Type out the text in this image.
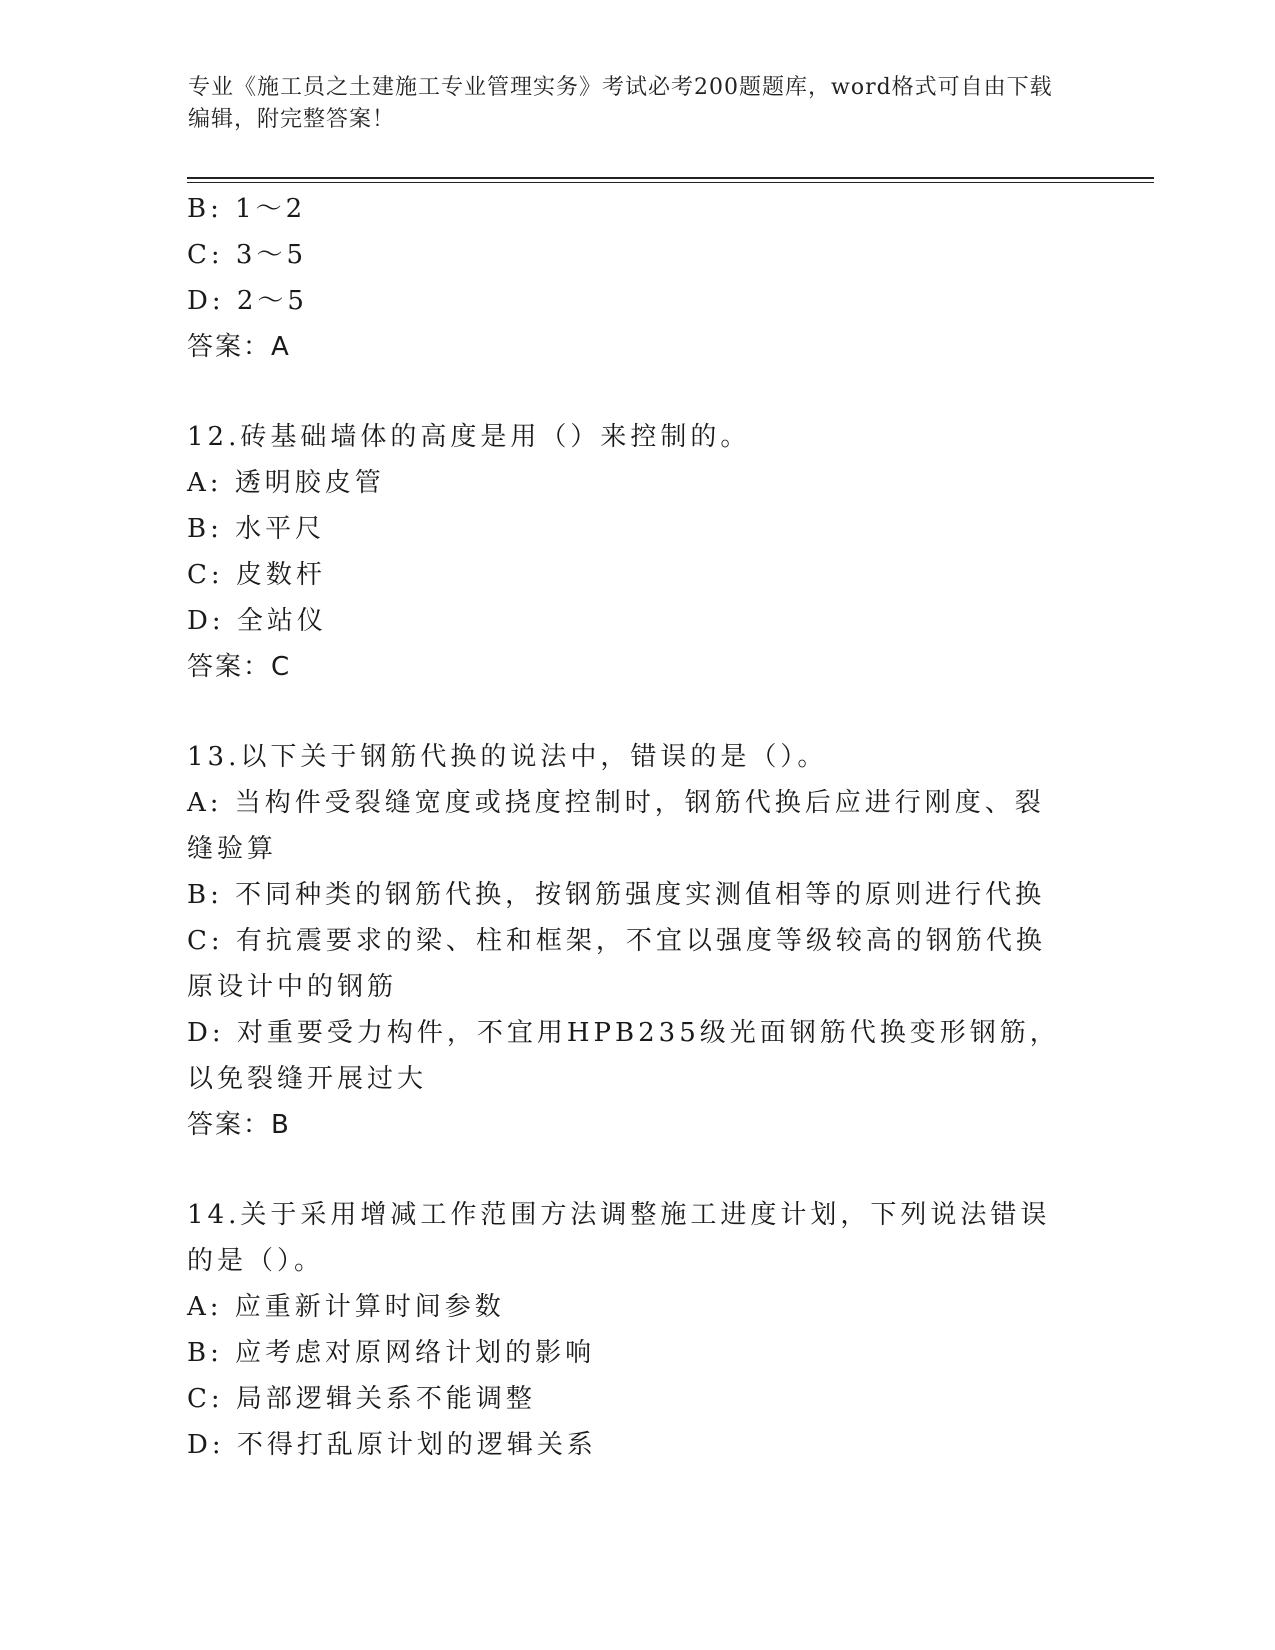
专业《施工员之土建施工专业管理实务》考试必考200题题库，word格式可自由下载编辑，附完整答案！

B: 1～2

C: 3～5

D: 2～5

答案：A

12.砖基础墙体的高度是用（）来控制的。

A: 透明胶皮管

B: 水平尺

C: 皮数杆

D: 全站仪

答案：C

13.以下关于钢筋代换的说法中，错误的是（）。

A: 当构件受裂缝宽度或挠度控制时，钢筋代换后应进行刚度、裂缝验算

B: 不同种类的钢筋代换，按钢筋强度实测值相等的原则进行代换

C: 有抗震要求的梁、柱和框架，不宜以强度等级较高的钢筋代换原设计中的钢筋

D: 对重要受力构件，不宜用HPB235级光面钢筋代换变形钢筋，以免裂缝开展过大

答案：B

14.关于采用增减工作范围方法调整施工进度计划，下列说法错误的是（）。

A: 应重新计算时间参数

B: 应考虑对原网络计划的影响

C: 局部逻辑关系不能调整

D: 不得打乱原计划的逻辑关系
